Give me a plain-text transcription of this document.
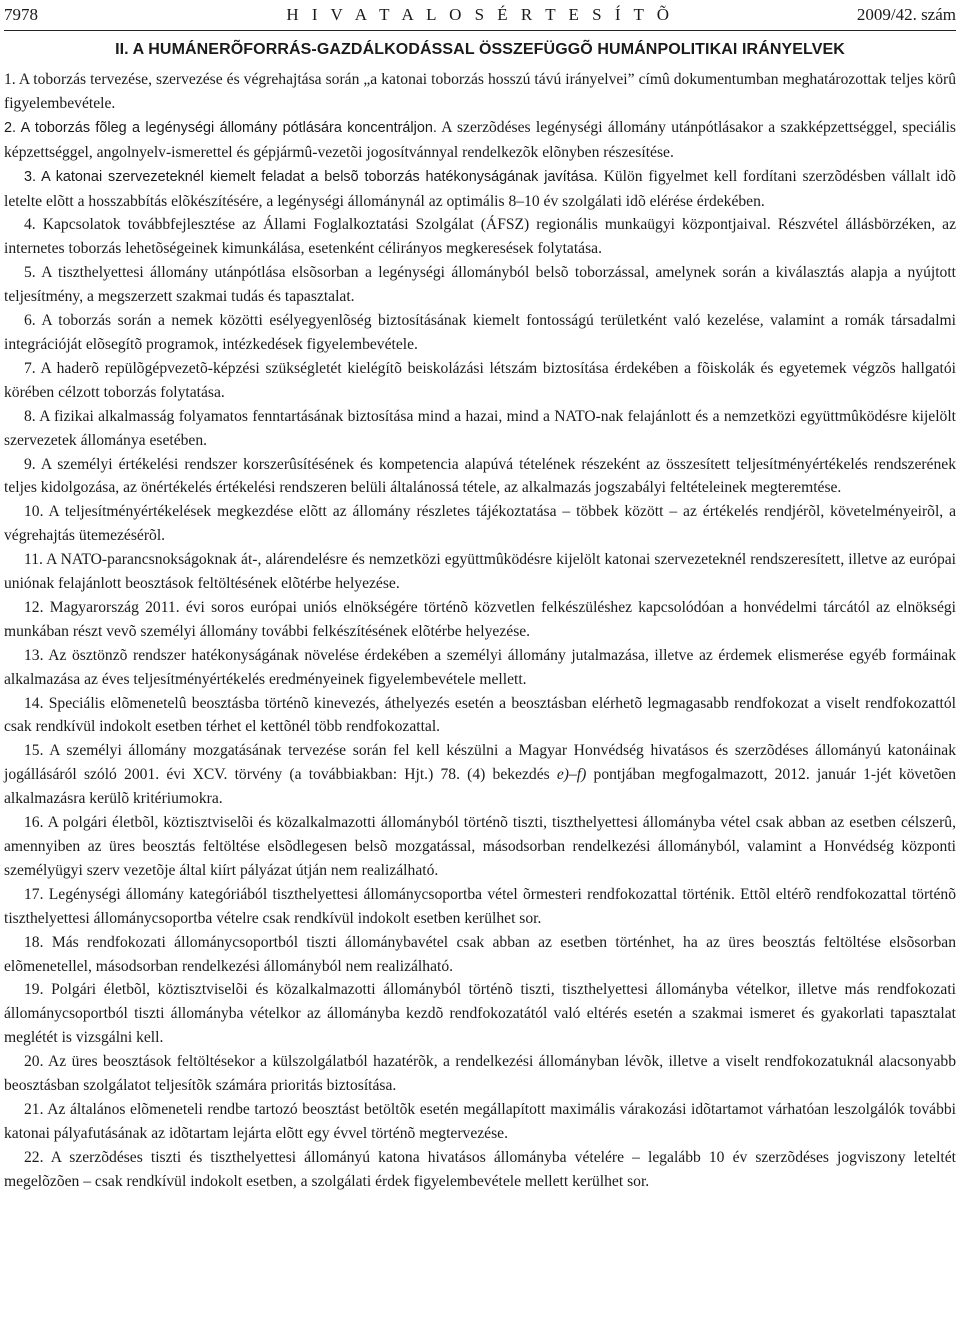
7978	H I V A T A L O S É R T E S Í T Õ	2009/42. szám
II. A HUMÁNERÕFORRÁS-GAZDÁLKODÁSSAL ÖSSZEFÜGGÕ HUMÁNPOLITIKAI IRÁNYELVEK

1. A toborzás tervezése, szervezése és végrehajtása során „a katonai toborzás hosszú távú irányelvei” címû dokumentumban meghatározottak teljes körû figyelembevétele.

2. A toborzás fõleg a legénységi állomány pótlására koncentráljon. A szerzõdéses legénységi állomány utánpótlásakor a szakképzettséggel, speciális képzettséggel, angolnyelv-ismerettel és gépjármû-vezetõi jogosítvánnyal rendelkezõk elõnyben részesítése.

3. A katonai szervezeteknél kiemelt feladat a belsõ toborzás hatékonyságának javítása. Külön figyelmet kell fordítani szerzõdésben vállalt idõ letelte elõtt a hosszabbítás elõkészítésére, a legénységi állománynál az optimális 8–10 év szolgálati idõ elérése érdekében.

4. Kapcsolatok továbbfejlesztése az Állami Foglalkoztatási Szolgálat (ÁFSZ) regionális munkaügyi központjaival. Részvétel állásbörzéken, az internetes toborzás lehetõségeinek kimunkálása, esetenként célirányos megkeresések folytatása.

5. A tiszthelyettesi állomány utánpótlása elsõsorban a legénységi állományból belsõ toborzással, amelynek során a kiválasztás alapja a nyújtott teljesítmény, a megszerzett szakmai tudás és tapasztalat.

6. A toborzás során a nemek közötti esélyegyenlõség biztosításának kiemelt fontosságú területként való kezelése, valamint a romák társadalmi integrációját elõsegítõ programok, intézkedések figyelembevétele.

7. A haderõ repülõgépvezetõ-képzési szükségletét kielégítõ beiskolázási létszám biztosítása érdekében a fõiskolák és egyetemek végzõs hallgatói körében célzott toborzás folytatása.

8. A fizikai alkalmasság folyamatos fenntartásának biztosítása mind a hazai, mind a NATO-nak felajánlott és a nemzetközi együttmûködésre kijelölt szervezetek állománya esetében.

9. A személyi értékelési rendszer korszerûsítésének és kompetencia alapúvá tételének részeként az összesített teljesítményértékelés rendszerének teljes kidolgozása, az önértékelés értékelési rendszeren belüli általánossá tétele, az alkalmazás jogszabályi feltételeinek megteremtése.

10. A teljesítményértékelések megkezdése elõtt az állomány részletes tájékoztatása – többek között – az értékelés rendjérõl, követelményeirõl, a végrehajtás ütemezésérõl.

11. A NATO-parancsnokságoknak át-, alárendelésre és nemzetközi együttmûködésre kijelölt katonai szervezeteknél rendszeresített, illetve az európai uniónak felajánlott beosztások feltöltésének elõtérbe helyezése.

12. Magyarország 2011. évi soros európai uniós elnökségére történõ közvetlen felkészüléshez kapcsolódóan a honvédelmi tárcától az elnökségi munkában részt vevõ személyi állomány további felkészítésének elõtérbe helyezése.

13. Az ösztönzõ rendszer hatékonyságának növelése érdekében a személyi állomány jutalmazása, illetve az érdemek elismerése egyéb formáinak alkalmazása az éves teljesítményértékelés eredményeinek figyelembevétele mellett.

14. Speciális elõmenetelû beosztásba történõ kinevezés, áthelyezés esetén a beosztásban elérhetõ legmagasabb rendfokozat a viselt rendfokozattól csak rendkívül indokolt esetben térhet el kettõnél több rendfokozattal.

15. A személyi állomány mozgatásának tervezése során fel kell készülni a Magyar Honvédség hivatásos és szerzõdéses állományú katonáinak jogállásáról szóló 2001. évi XCV. törvény (a továbbiakban: Hjt.) 78. (4) bekezdés e)–f) pontjában megfogalmazott, 2012. január 1-jét követõen alkalmazásra kerülõ kritériumokra.

16. A polgári életbõl, köztisztviselõi és közalkalmazotti állományból történõ tiszti, tiszthelyettesi állományba vétel csak abban az esetben célszerû, amennyiben az üres beosztás feltöltése elsõdlegesen belsõ mozgatással, másodsorban rendelkezési állományból, valamint a Honvédség központi személyügyi szerv vezetõje által kiírt pályázat útján nem realizálható.

17. Legénységi állomány kategóriából tiszthelyettesi állománycsoportba vétel õrmesteri rendfokozattal történik. Ettõl eltérõ rendfokozattal történõ tiszthelyettesi állománycsoportba vételre csak rendkívül indokolt esetben kerülhet sor.

18. Más rendfokozati állománycsoportból tiszti állománybavétel csak abban az esetben történhet, ha az üres beosztás feltöltése elsõsorban elõmenetellel, másodsorban rendelkezési állományból nem realizálható.

19. Polgári életbõl, köztisztviselõi és közalkalmazotti állományból történõ tiszti, tiszthelyettesi állományba vételkor, illetve más rendfokozati állománycsoportból tiszti állományba vételkor az állományba kezdõ rendfokozatától való eltérés esetén a szakmai ismeret és gyakorlati tapasztalat meglétét is vizsgálni kell.

20. Az üres beosztások feltöltésekor a külszolgálatból hazatérõk, a rendelkezési állományban lévõk, illetve a viselt rendfokozatuknál alacsonyabb beosztásban szolgálatot teljesítõk számára prioritás biztosítása.

21. Az általános elõmeneteli rendbe tartozó beosztást betöltõk esetén megállapított maximális várakozási idõtartamot várhatóan leszolgálók további katonai pályafutásának az idõtartam lejárta elõtt egy évvel történõ megtervezése.

22. A szerzõdéses tiszti és tiszthelyettesi állományú katona hivatásos állományba vételére – legalább 10 év szerzõdéses jogviszony leteltét megelõzõen – csak rendkívül indokolt esetben, a szolgálati érdek figyelembevétele mellett kerülhet sor.
